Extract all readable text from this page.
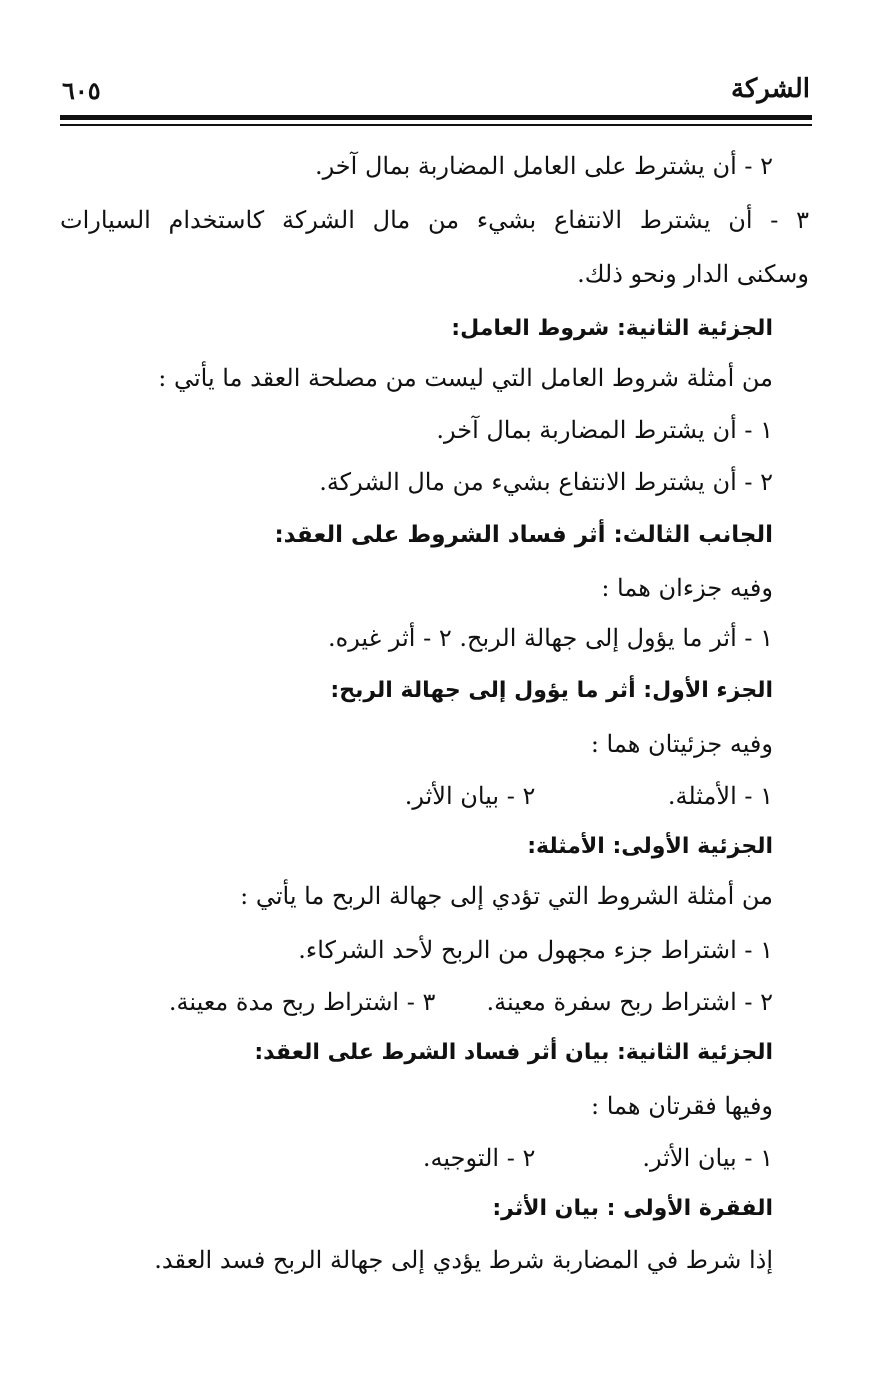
الشركة
٦٠٥
٢ - أن يشترط على العامل المضاربة بمال آخر.
٣ - أن يشترط الانتفاع بشيء من مال الشركة كاستخدام السيارات
وسكنى الدار ونحو ذلك.
الجزئية الثانية: شروط العامل:
من أمثلة شروط العامل التي ليست من مصلحة العقد ما يأتي :
١ - أن يشترط المضاربة بمال آخر.
٢ - أن يشترط الانتفاع بشيء من مال الشركة.
الجانب الثالث: أثر فساد الشروط على العقد:
وفيه جزءان هما :
١ - أثر ما يؤول إلى جهالة الربح. ٢ - أثر غيره.
الجزء الأول: أثر ما يؤول إلى جهالة الربح:
وفيه جزئيتان هما :
١ - الأمثلة. ٢ - بيان الأثر.
الجزئية الأولى: الأمثلة:
من أمثلة الشروط التي تؤدي إلى جهالة الربح ما يأتي :
١ - اشتراط جزء مجهول من الربح لأحد الشركاء.
٢ - اشتراط ربح سفرة معينة. ٣ - اشتراط ربح مدة معينة.
الجزئية الثانية: بيان أثر فساد الشرط على العقد:
وفيها فقرتان هما :
١ - بيان الأثر. ٢ - التوجيه.
الفقرة الأولى : بيان الأثر:
إذا شرط في المضاربة شرط يؤدي إلى جهالة الربح فسد العقد.
